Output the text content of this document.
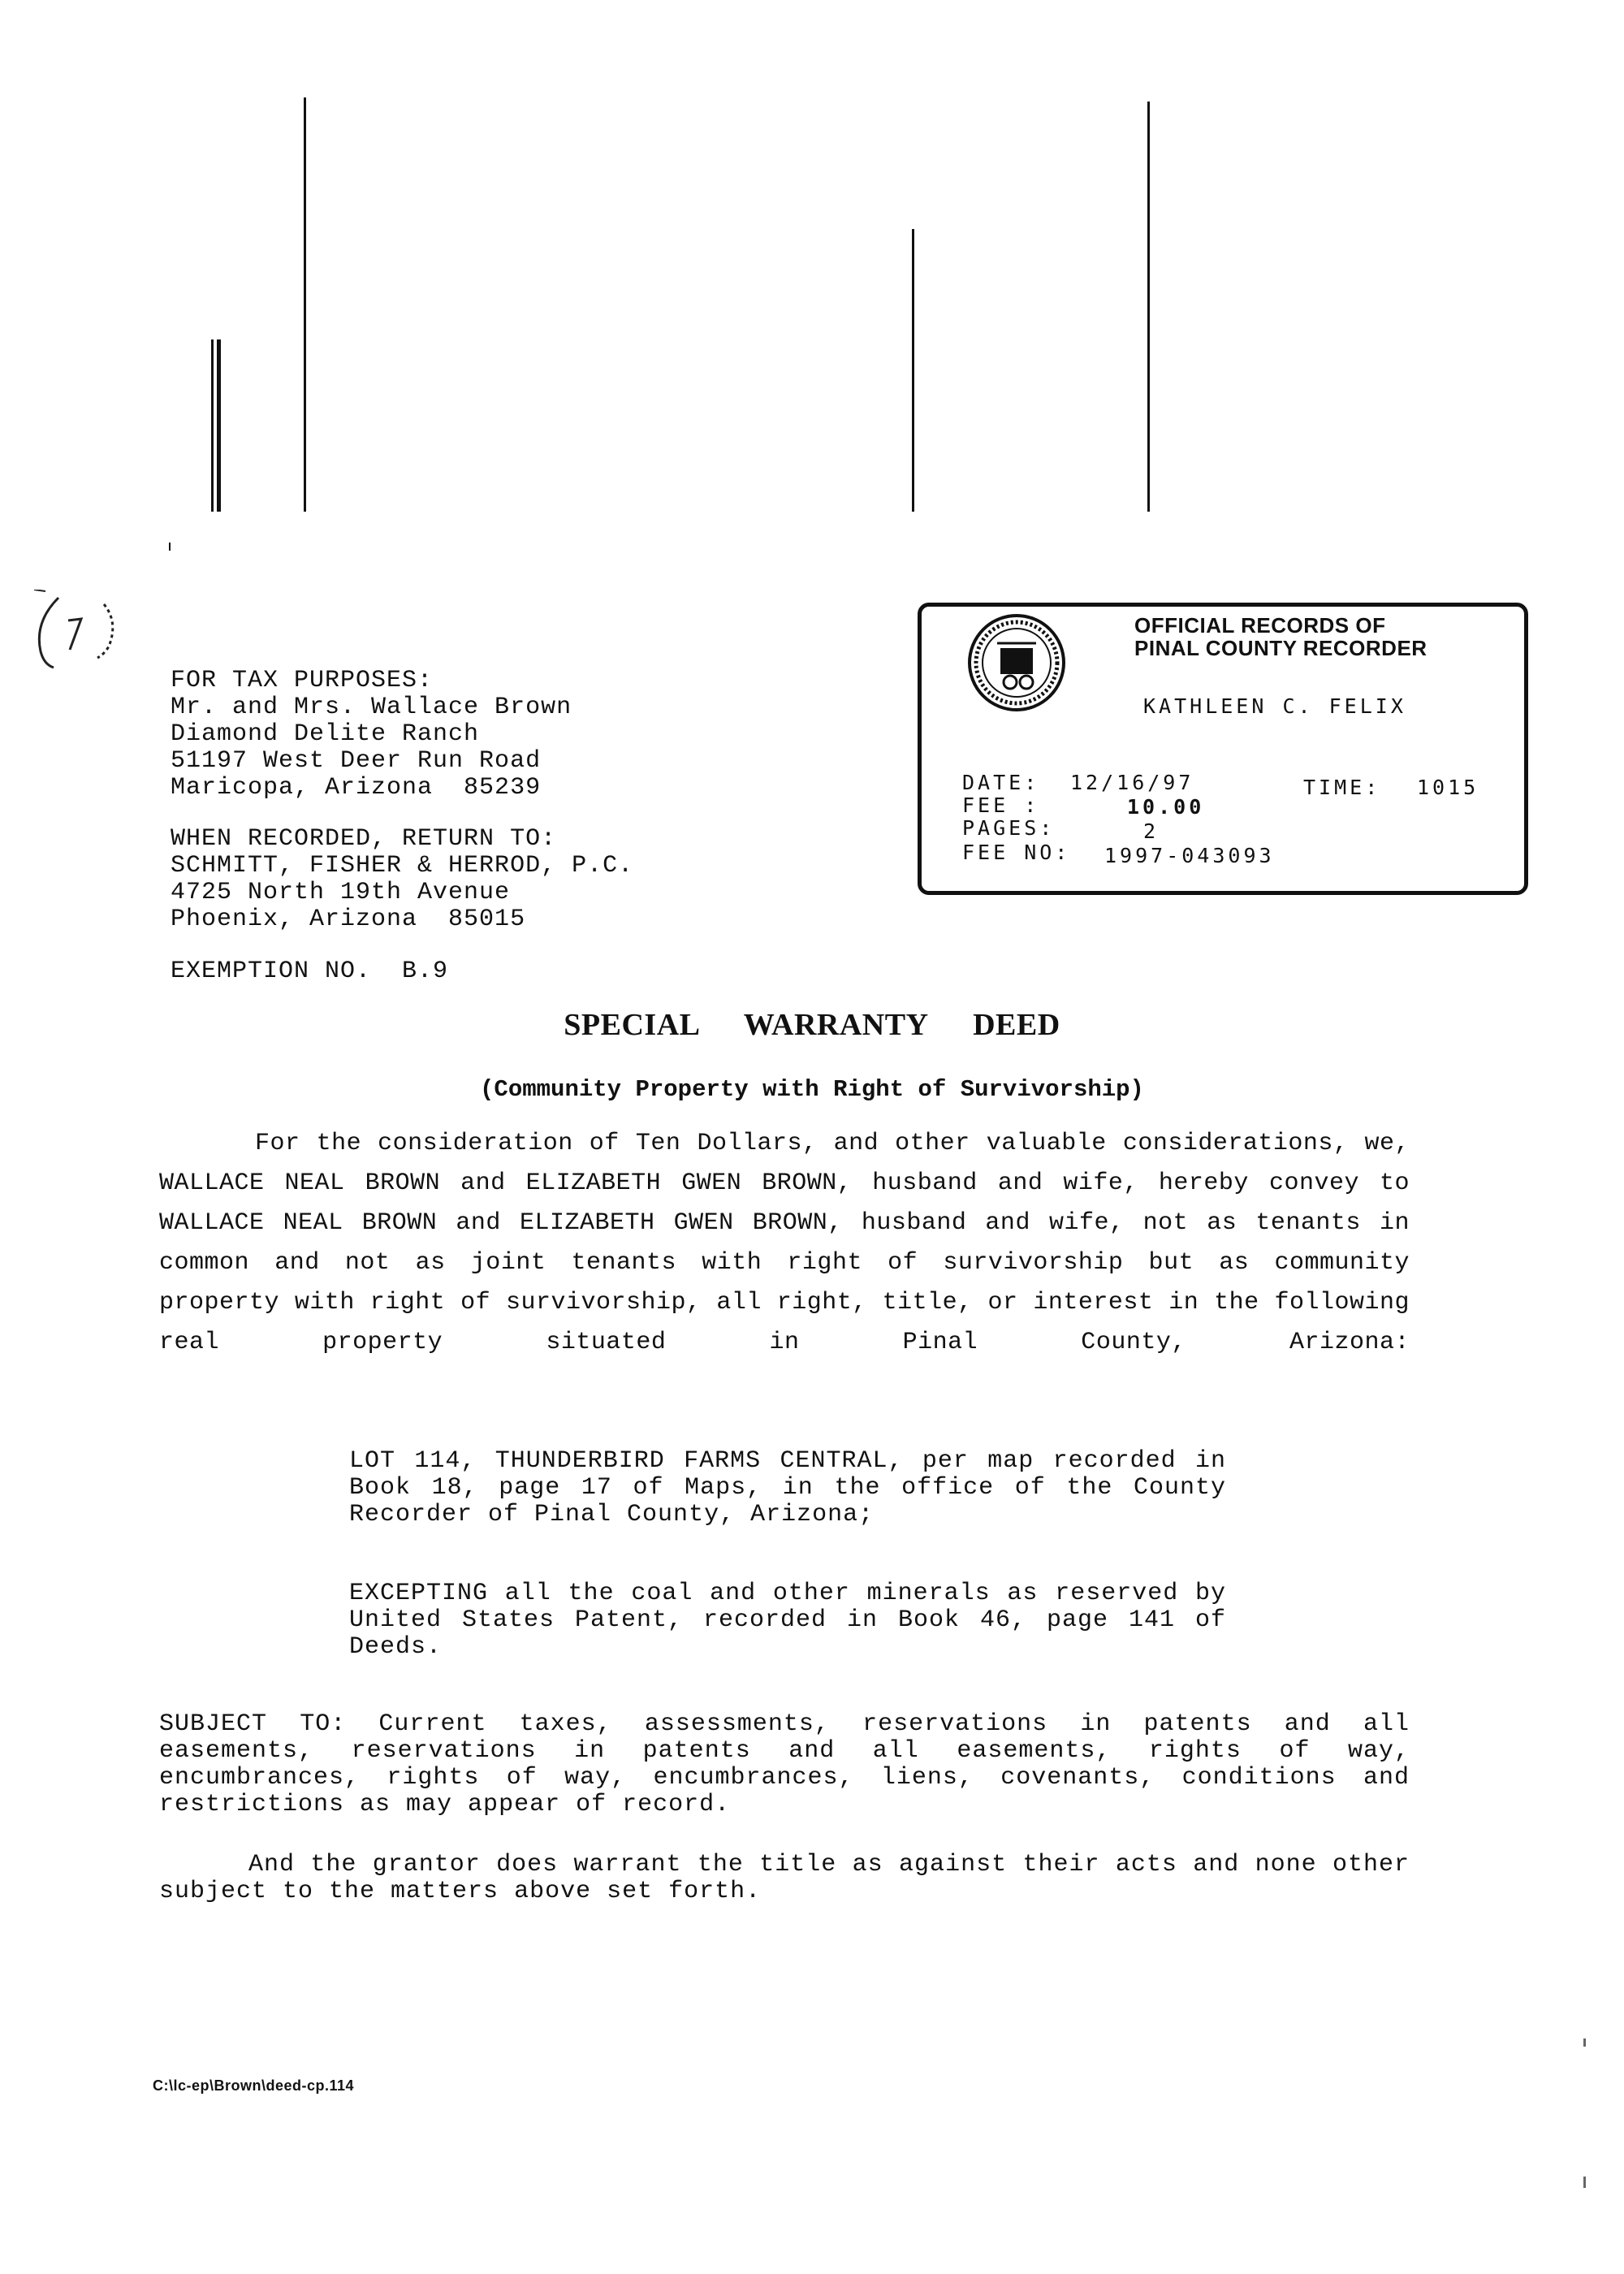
FOR TAX PURPOSES:
Mr. and Mrs. Wallace Brown
Diamond Delite Ranch
51197 West Deer Run Road
Maricopa, Arizona  85239
WHEN RECORDED, RETURN TO:
SCHMITT, FISHER & HERROD, P.C.
4725 North 19th Avenue
Phoenix, Arizona  85015
EXEMPTION NO.  B.9
OFFICIAL RECORDS OF
PINAL COUNTY RECORDER
KATHLEEN C. FELIX
DATE: 12/16/97	TIME: 1015
FEE :	10.00
PAGES:	2
FEE NO: 1997-043093
SPECIAL WARRANTY DEED
(Community Property with Right of Survivorship)
For the consideration of Ten Dollars, and other valuable considerations, we, WALLACE NEAL BROWN and ELIZABETH GWEN BROWN, husband and wife, hereby convey to WALLACE NEAL BROWN and ELIZABETH GWEN BROWN, husband and wife, not as tenants in common and not as joint tenants with right of survivorship but as community property with right of survivorship, all right, title, or interest in the following real property situated in Pinal County, Arizona:
LOT 114, THUNDERBIRD FARMS CENTRAL, per map recorded in Book 18, page 17 of Maps, in the office of the County Recorder of Pinal County, Arizona;
EXCEPTING all the coal and other minerals as reserved by United States Patent, recorded in Book 46, page 141 of Deeds.
SUBJECT TO: Current taxes, assessments, reservations in patents and all easements, reservations in patents and all easements, rights of way, encumbrances, rights of way, encumbrances, liens, covenants, conditions and restrictions as may appear of record.
And the grantor does warrant the title as against their acts and none other subject to the matters above set forth.
C:\lc-ep\Brown\deed-cp.114
